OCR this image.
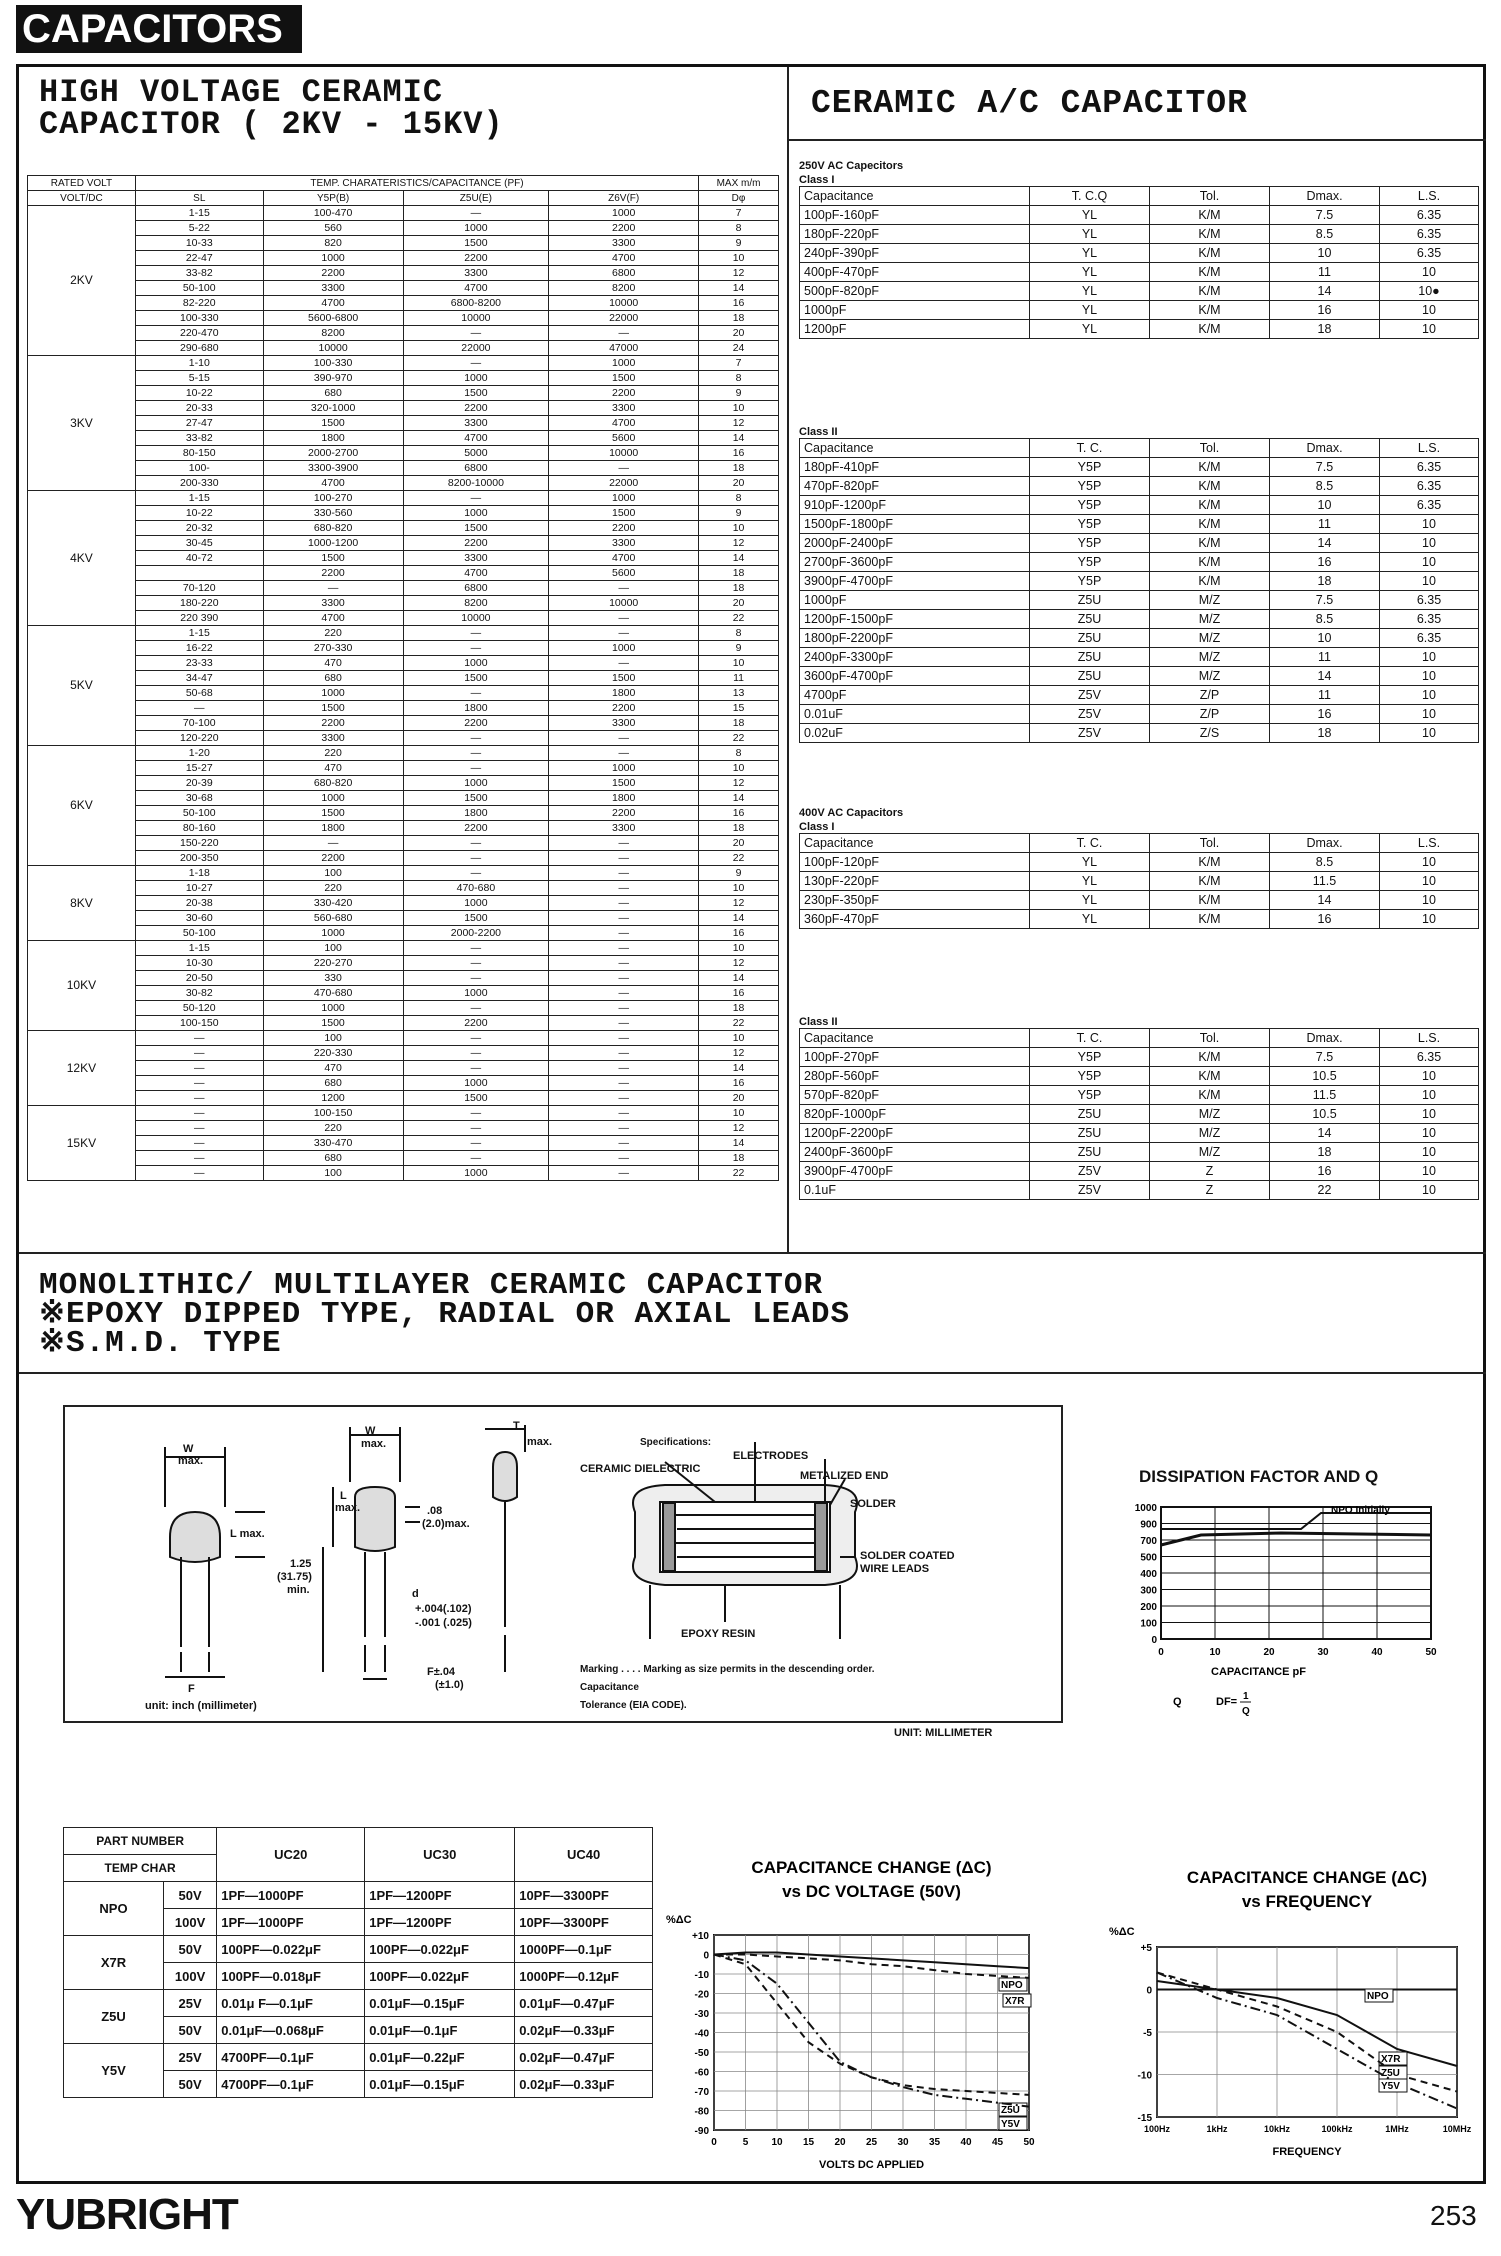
CAPACITORS
HIGH VOLTAGE CERAMIC
CAPACITOR ( 2KV - 15KV)
RATED VOLT	TEMP. CHARATERISTICS/CAPACITANCE (PF)				MAX m/m
VOLT/DC	SL	Y5P(B)	Z5U(E)	Z6V(F)	Dφ
2KV	1-15	100-470	—	1000	7
	5-22	560	1000	2200	8
	10-33	820	1500	3300	9
	22-47	1000	2200	4700	10
	33-82	2200	3300	6800	12
	50-100	3300	4700	8200	14
	82-220	4700	6800-8200	10000	16
	100-330	5600-6800	10000	22000	18
	220-470	8200	—	—	20
	290-680	10000	22000	47000	24
3KV	1-10	100-330	—	1000	7
	5-15	390-970	1000	1500	8
	10-22	680	1500	2200	9
	20-33	320-1000	2200	3300	10
	27-47	1500	3300	4700	12
	33-82	1800	4700	5600	14
	80-150	2000-2700	5000	10000	16
	100-	3300-3900	6800	—	18
	200-330	4700	8200-10000	22000	20
4KV	1-15	100-270	—	1000	8
	10-22	330-560	1000	1500	9
	20-32	680-820	1500	2200	10
	30-45	1000-1200	2200	3300	12
	40-72	1500	3300	4700	14
		2200	4700	5600	18
	70-120	—	6800	—	18
	180-220	3300	8200	10000	20
	220 390	4700	10000	—	22
5KV	1-15	220	—	—	8
	16-22	270-330	—	1000	9
	23-33	470	1000	—	10
	34-47	680	1500	1500	11
	50-68	1000	—	1800	13
	—	1500	1800	2200	15
	70-100	2200	2200	3300	18
	120-220	3300	—	—	22
6KV	1-20	220	—	—	8
	15-27	470	—	1000	10
	20-39	680-820	1000	1500	12
	30-68	1000	1500	1800	14
	50-100	1500	1800	2200	16
	80-160	1800	2200	3300	18
	150-220	—	—	—	20
	200-350	2200	—	—	22
8KV	1-18	100	—	—	9
	10-27	220	470-680	—	10
	20-38	330-420	1000	—	12
	30-60	560-680	1500	—	14
	50-100	1000	2000-2200	—	16
10KV	1-15	100	—	—	10
	10-30	220-270	—	—	12
	20-50	330	—	—	14
	30-82	470-680	1000	—	16
	50-120	1000	—	—	18
	100-150	1500	2200	—	22
12KV	—	100	—	—	10
	—	220-330	—	—	12
	—	470	—	—	14
	—	680	1000	—	16
	—	1200	1500	—	20
15KV	—	100-150	—	—	10
	—	220	—	—	12
	—	330-470	—	—	14
	—	680	—	—	18
	—	100	1000	—	22
CERAMIC A/C CAPACITOR
250V AC Capecitors
Class I
Capacitance	T. C.Q	Tol.	Dmax.	L.S.
100pF-160pF	YL	K/M	7.5	6.35
180pF-220pF	YL	K/M	8.5	6.35
240pF-390pF	YL	K/M	10	6.35
400pF-470pF	YL	K/M	11	10
500pF-820pF	YL	K/M	14	10●
1000pF	YL	K/M	16	10
1200pF	YL	K/M	18	10
Class II
Capacitance	T. C.	Tol.	Dmax.	L.S.
180pF-410pF	Y5P	K/M	7.5	6.35
470pF-820pF	Y5P	K/M	8.5	6.35
910pF-1200pF	Y5P	K/M	10	6.35
1500pF-1800pF	Y5P	K/M	11	10
2000pF-2400pF	Y5P	K/M	14	10
2700pF-3600pF	Y5P	K/M	16	10
3900pF-4700pF	Y5P	K/M	18	10
1000pF	Z5U	M/Z	7.5	6.35
1200pF-1500pF	Z5U	M/Z	8.5	6.35
1800pF-2200pF	Z5U	M/Z	10	6.35
2400pF-3300pF	Z5U	M/Z	11	10
3600pF-4700pF	Z5U	M/Z	14	10
4700pF	Z5V	Z/P	11	10
0.01uF	Z5V	Z/P	16	10
0.02uF	Z5V	Z/S	18	10
400V AC Capacitors
Class I
Capacitance	T. C.	Tol.	Dmax.	L.S.
100pF-120pF	YL	K/M	8.5	10
130pF-220pF	YL	K/M	11.5	10
230pF-350pF	YL	K/M	14	10
360pF-470pF	YL	K/M	16	10
Class II
Capacitance	T. C.	Tol.	Dmax.	L.S.
100pF-270pF	Y5P	K/M	7.5	6.35
280pF-560pF	Y5P	K/M	10.5	10
570pF-820pF	Y5P	K/M	11.5	10
820pF-1000pF	Z5U	M/Z	10.5	10
1200pF-2200pF	Z5U	M/Z	14	10
2400pF-3600pF	Z5U	M/Z	18	10
3900pF-4700pF	Z5V	Z	16	10
0.1uF	Z5V	Z	22	10
MONOLITHIC/ MULTILAYER CERAMIC CAPACITOR
※EPOXY DIPPED TYPE, RADIAL OR AXIAL LEADS
※S.M.D. TYPE
W
max.
L max.
F
W
max.
L
max.	.08
(2.0)max.
1.25
(31.75)
min.	d
+.004(.102)
-.001 (.025)
F±.04
(±1.0)
T
max.
unit: inch (millimeter)
Specifications:
ELECTRODES
CERAMIC DIELECTRIC
METALIZED END
SOLDER
SOLDER COATED
WIRE LEADS
EPOXY RESIN
Marking . . . . Marking as size permits in the descending order.
Capacitance
Tolerance (EIA CODE).
UNIT: MILLIMETER
DISSIPATION FACTOR AND Q
1000
900
700
500
400
300
200
100
0
0	10	20	30	40	50
NPO Initially
CAPACITANCE pF
Q	DF= 1
Q
PART NUMBER		UC20	UC30	UC40
TEMP CHAR				
NPO	50V	1PF—1000PF	1PF—1200PF	10PF—3300PF
	100V	1PF—1000PF	1PF—1200PF	10PF—3300PF
X7R	50V	100PF—0.022μF	100PF—0.022μF	1000PF—0.1μF
	100V	100PF—0.018μF	100PF—0.022μF	1000PF—0.12μF
Z5U	25V	0.01μ F—0.1μF	0.01μF—0.15μF	0.01μF—0.47μF
	50V	0.01μF—0.068μF	0.01μF—0.1μF	0.02μF—0.33μF
Y5V	25V	4700PF—0.1μF	0.01μF—0.22μF	0.02μF—0.47μF
	50V	4700PF—0.1μF	0.01μF—0.15μF	0.02μF—0.33μF
CAPACITANCE CHANGE (ΔC)
vs DC VOLTAGE (50V)
%ΔC
+10
0
-10
-20
-30
-40
-50
-60
-70
-80
-90
0	5 10 15 20 25 30 35 40 45 50
NPO
X7R
Z5U
Y5V
VOLTS DC APPLIED
CAPACITANCE CHANGE (ΔC)
vs FREQUENCY
%ΔC
+5
0
-5
-10
-15
100Hz	1kHz	10kHz	100kHz	1MHz	10MHz
NPO
X7R
Z5U
Y5V
FREQUENCY
YUBRIGHT	253
